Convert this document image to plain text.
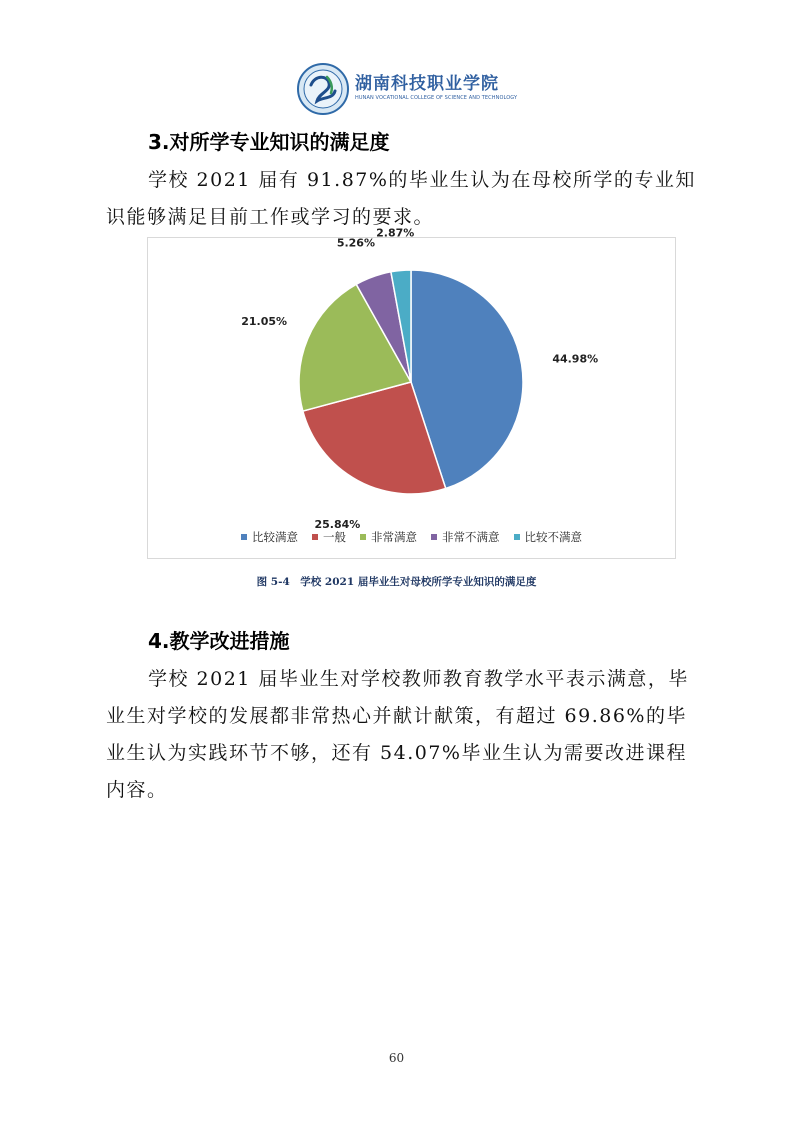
湖南科技职业学院
HUNAN VOCATIONAL COLLEGE OF SCIENCE AND TECHNOLOGY
3.对所学专业知识的满足度
学校 2021 届有 91.87%的毕业生认为在母校所学的专业知识能够满足目前工作或学习的要求。
44.98%
25.84%
21.05%
5.26%
2.87%
比较满意 一般 非常满意 非常不满意 比较不满意
图 5-4　学校 2021 届毕业生对母校所学专业知识的满足度
4.教学改进措施
学校 2021 届毕业生对学校教师教育教学水平表示满意，毕业生对学校的发展都非常热心并献计献策，有超过 69.86%的毕业生认为实践环节不够，还有 54.07%毕业生认为需要改进课程内容。
60
